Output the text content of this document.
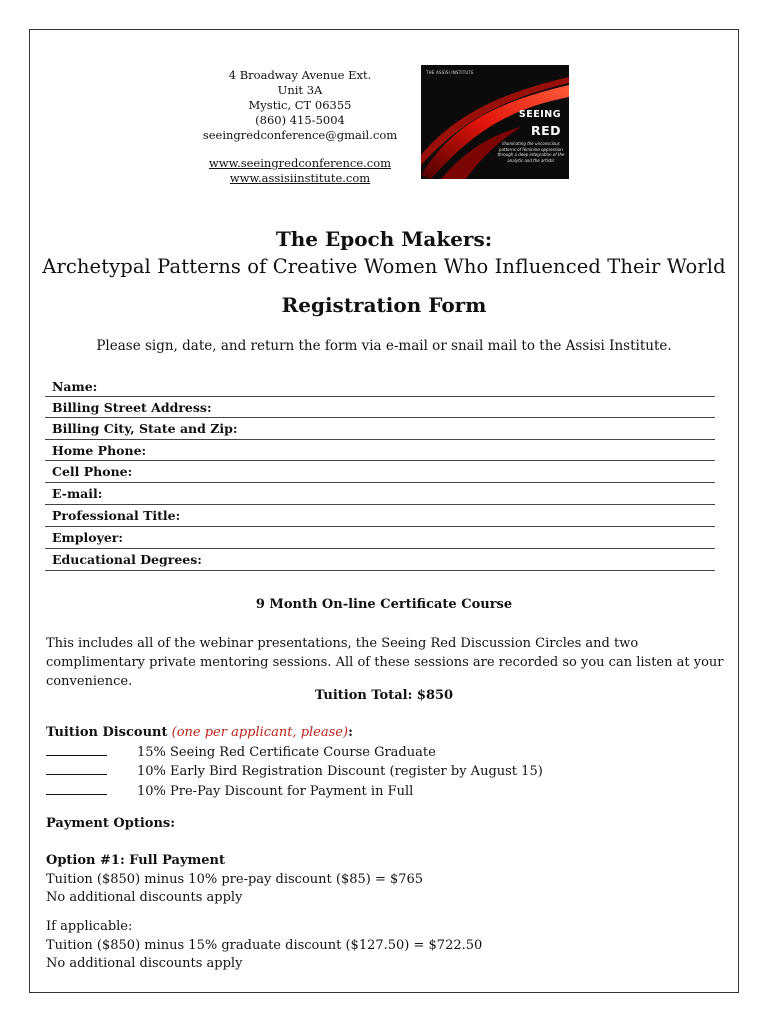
4 Broadway Avenue Ext.
Unit 3A
Mystic, CT 06355
(860) 415-5004
seeingredconference@gmail.com
www.seeingredconference.com
www.assisiinstitute.com
THE ASSISI INSTITUTE
SEEING
RED
Illuminating the unconscious patterns of feminine oppression through a deep integration of the analytic and the artistic
The Epoch Makers:
Archetypal Patterns of Creative Women Who Influenced Their World
Registration Form
Please sign, date, and return the form via e-mail or snail mail to the Assisi Institute.
Name:
Billing Street Address:
Billing City, State and Zip:
Home Phone:
Cell Phone:
E-mail:
Professional Title:
Employer:
Educational Degrees:
9 Month On-line Certificate Course
This includes all of the webinar presentations, the Seeing Red Discussion Circles and two complimentary private mentoring sessions. All of these sessions are recorded so you can listen at your convenience.
Tuition Total: $850
Tuition Discount (one per applicant, please):
15% Seeing Red Certificate Course Graduate
10% Early Bird Registration Discount (register by August 15)
10% Pre-Pay Discount for Payment in Full
Payment Options:
Option #1: Full Payment
Tuition ($850) minus 10% pre-pay discount ($85) = $765
No additional discounts apply
If applicable:
Tuition ($850) minus 15% graduate discount ($127.50) = $722.50
No additional discounts apply
